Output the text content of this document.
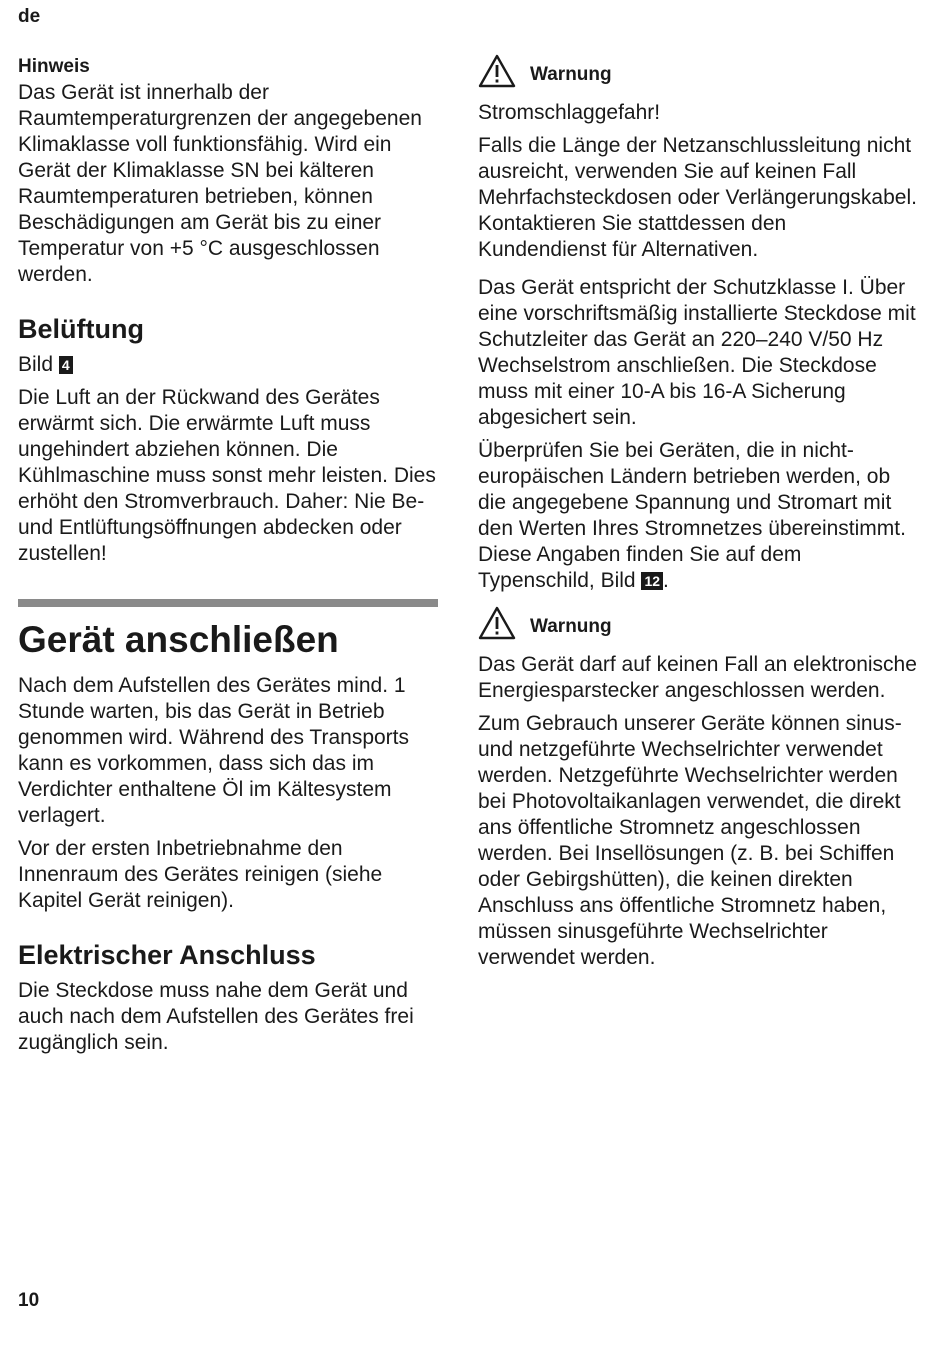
de
Hinweis

Das Gerät ist innerhalb der Raumtemperaturgrenzen der angegebenen Klimaklasse voll funktionsfähig. Wird ein Gerät der Klimaklasse SN bei kälteren Raumtemperaturen betrieben, können Beschädigungen am Gerät bis zu einer Temperatur von +5 °C ausgeschlossen werden.

Belüftung

Bild 4

Die Luft an der Rückwand des Gerätes erwärmt sich. Die erwärmte Luft muss ungehindert abziehen können. Die Kühlmaschine muss sonst mehr leisten. Dies erhöht den Stromverbrauch. Daher: Nie Be- und Entlüftungsöffnungen abdecken oder zustellen!

Gerät anschließen

Nach dem Aufstellen des Gerätes mind. 1 Stunde warten, bis das Gerät in Betrieb genommen wird. Während des Transports kann es vorkommen, dass sich das im Verdichter enthaltene Öl im Kältesystem verlagert.

Vor der ersten Inbetriebnahme den Innenraum des Gerätes reinigen (siehe Kapitel Gerät reinigen).

Elektrischer Anschluss

Die Steckdose muss nahe dem Gerät und auch nach dem Aufstellen des Gerätes frei zugänglich sein.

Warnung

Stromschlaggefahr!

Falls die Länge der Netzanschlussleitung nicht ausreicht, verwenden Sie auf keinen Fall Mehrfachsteckdosen oder Verlängerungskabel. Kontaktieren Sie stattdessen den Kundendienst für Alternativen.

Das Gerät entspricht der Schutzklasse I. Über eine vorschriftsmäßig installierte Steckdose mit Schutzleiter das Gerät an 220–240 V/50 Hz Wechselstrom anschließen. Die Steckdose muss mit einer 10-A bis 16-A Sicherung abgesichert sein.

Überprüfen Sie bei Geräten, die in nicht-europäischen Ländern betrieben werden, ob die angegebene Spannung und Stromart mit den Werten Ihres Stromnetzes übereinstimmt. Diese Angaben finden Sie auf dem Typenschild, Bild 12 .

Warnung

Das Gerät darf auf keinen Fall an elektronische Energiesparstecker angeschlossen werden.

Zum Gebrauch unserer Geräte können sinus- und netzgeführte Wechselrichter verwendet werden. Netzgeführte Wechselrichter werden bei Photovoltaikanlagen verwendet, die direkt ans öffentliche Stromnetz angeschlossen werden. Bei Insellösungen (z. B. bei Schiffen oder Gebirgshütten), die keinen direkten Anschluss ans öffentliche Stromnetz haben, müssen sinusgeführte Wechselrichter verwendet werden.

10
